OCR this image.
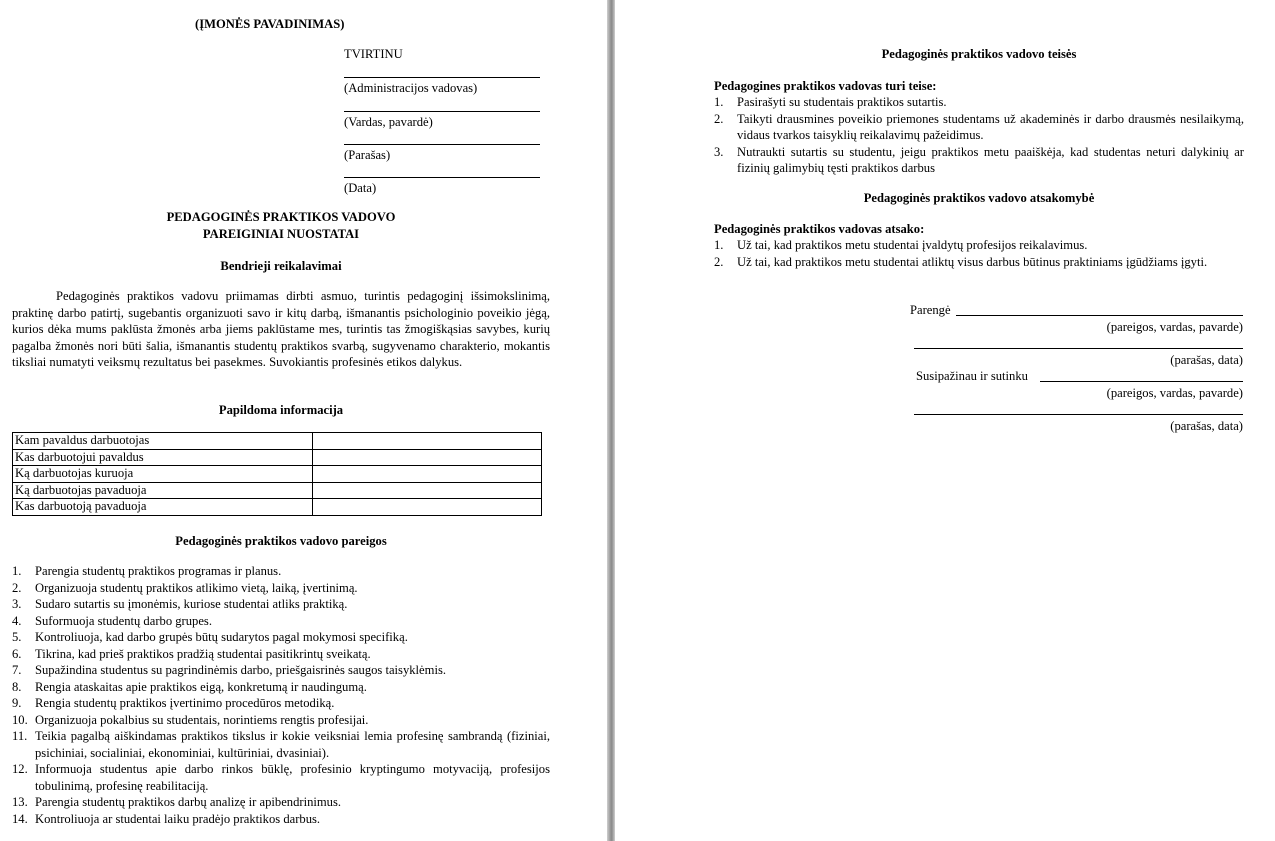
(ĮMONĖS PAVADINIMAS)
TVIRTINU
(Administracijos vadovas)
(Vardas, pavardė)
(Parašas)
(Data)
PEDAGOGINĖS PRAKTIKOS VADOVO
PAREIGINIAI NUOSTATAI
Bendrieji reikalavimai
Pedagoginės praktikos vadovu priimamas dirbti asmuo, turintis pedagoginį išsimokslinimą, praktinę darbo patirtį, sugebantis organizuoti savo ir kitų darbą, išmanantis psichologinio poveikio jėgą, kurios dėka mums paklūsta žmonės arba jiems paklūstame mes, turintis tas žmogiškąsias savybes, kurių pagalba žmonės nori būti šalia, išmanantis studentų praktikos svarbą, sugyvenamo charakterio, mokantis tiksliai numatyti veiksmų rezultatus bei pasekmes. Suvokiantis profesinės etikos dalykus.
Papildoma informacija
Kam pavaldus darbuotojas	
Kas darbuotojui pavaldus	
Ką darbuotojas kuruoja	
Ką darbuotojas pavaduoja	
Kas darbuotoją pavaduoja	
Pedagoginės praktikos vadovo pareigos
1. Parengia studentų praktikos programas ir planus.
2. Organizuoja studentų praktikos atlikimo vietą, laiką, įvertinimą.
3. Sudaro sutartis su įmonėmis, kuriose studentai atliks praktiką.
4. Suformuoja studentų darbo grupes.
5. Kontroliuoja, kad darbo grupės būtų sudarytos pagal mokymosi specifiką.
6. Tikrina, kad prieš praktikos pradžią studentai pasitikrintų sveikatą.
7. Supažindina studentus su pagrindinėmis darbo, priešgaisrinės saugos taisyklėmis.
8. Rengia ataskaitas apie praktikos eigą, konkretumą ir naudingumą.
9. Rengia studentų praktikos įvertinimo procedūros metodiką.
10. Organizuoja pokalbius su studentais, norintiems rengtis profesijai.
11. Teikia pagalbą aiškindamas praktikos tikslus ir kokie veiksniai lemia profesinę sambrandą (fiziniai, psichiniai, socialiniai, ekonominiai, kultūriniai, dvasiniai).
12. Informuoja studentus apie darbo rinkos būklę, profesinio kryptingumo motyvaciją, profesijos tobulinimą, profesinę reabilitaciją.
13. Parengia studentų praktikos darbų analizę ir apibendrinimus.
14. Kontroliuoja ar studentai laiku pradėjo praktikos darbus.
Pedagoginės praktikos vadovo teisės
Pedagogines praktikos vadovas turi teise:
1. Pasirašyti su studentais praktikos sutartis.
2. Taikyti drausmines poveikio priemones studentams už akademinės ir darbo drausmės nesilaikymą, vidaus tvarkos taisyklių reikalavimų pažeidimus.
3. Nutraukti sutartis su studentu, jeigu praktikos metu paaiškėja, kad studentas neturi dalykinių ar fizinių galimybių tęsti praktikos darbus
Pedagoginės praktikos vadovo atsakomybė
Pedagoginės praktikos vadovas atsako:
1. Už tai, kad praktikos metu studentai įvaldytų profesijos reikalavimus.
2. Už tai, kad praktikos metu studentai atliktų visus darbus būtinus praktiniams įgūdžiams įgyti.
Parengė
(pareigos, vardas, pavarde)
(parašas, data)
Susipažinau ir sutinku
(pareigos, vardas, pavarde)
(parašas, data)
